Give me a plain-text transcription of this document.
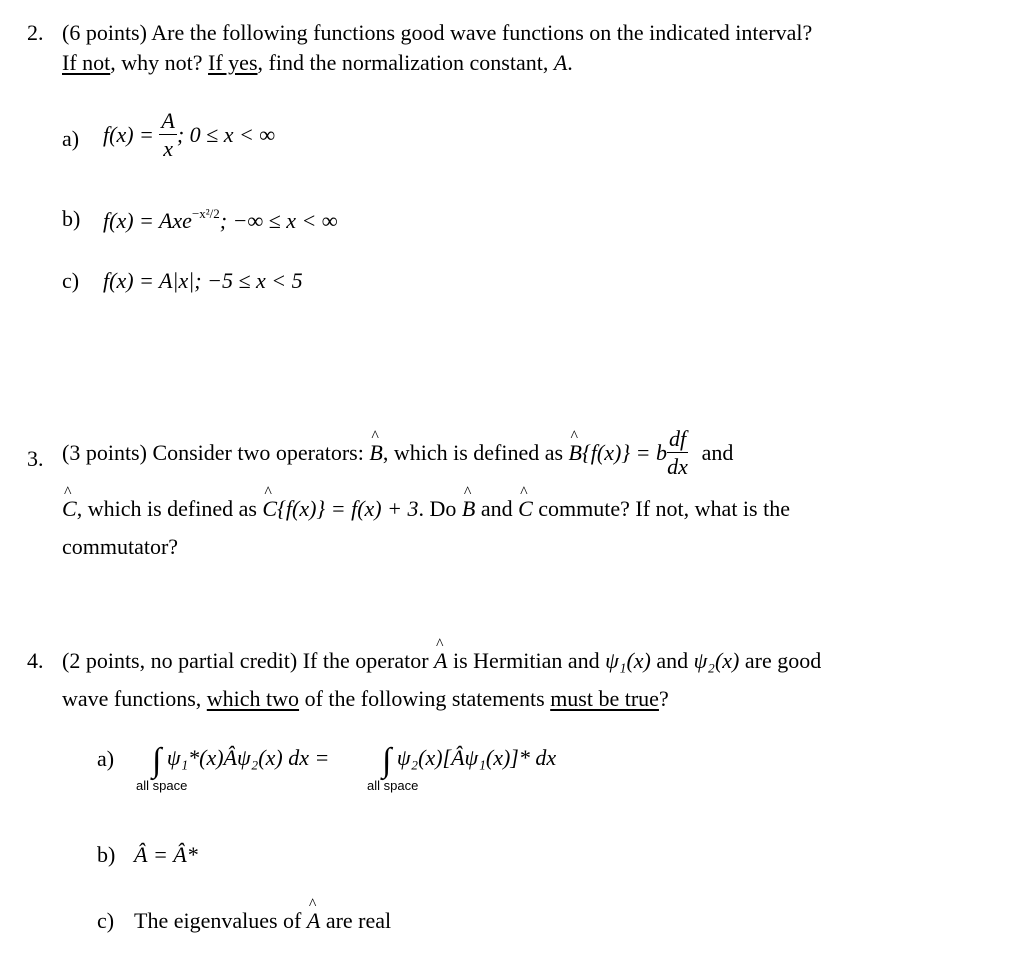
2. (6 points) Are the following functions good wave functions on the indicated interval?
If not, why not? If yes, find the normalization constant, A.
a) $f(x) = \frac{A}{x}$ ; 0 ≤ x < ∞
b) f(x) = Axe$^{-x^2/2}$; −∞ ≤ x < ∞
c) f(x) = A|x|; −5 ≤ x < 5
3. (3 points) Consider two operators: ^ B, which is defined as ^ B{f(x)} = b $\frac{df}{dx}$ and
^ C, which is defined as ^ C{f(x)} = f(x) + 3. Do ^ B and ^ C commute? If not, what is the
commutator?
4. (2 points, no partial credit) If the operator ^ A is Hermitian and ψ₁(x) and ψ₂(x) are good
wave functions, which two of the following statements must be true?
a) ∫ ψ₁*(x)Âψ₂(x) dx =
all space
∫ ψ₂(x)[Âψ₁(x)]* dx
all space
b) Â = Â*
c) The eigenvalues of ^ A are real
